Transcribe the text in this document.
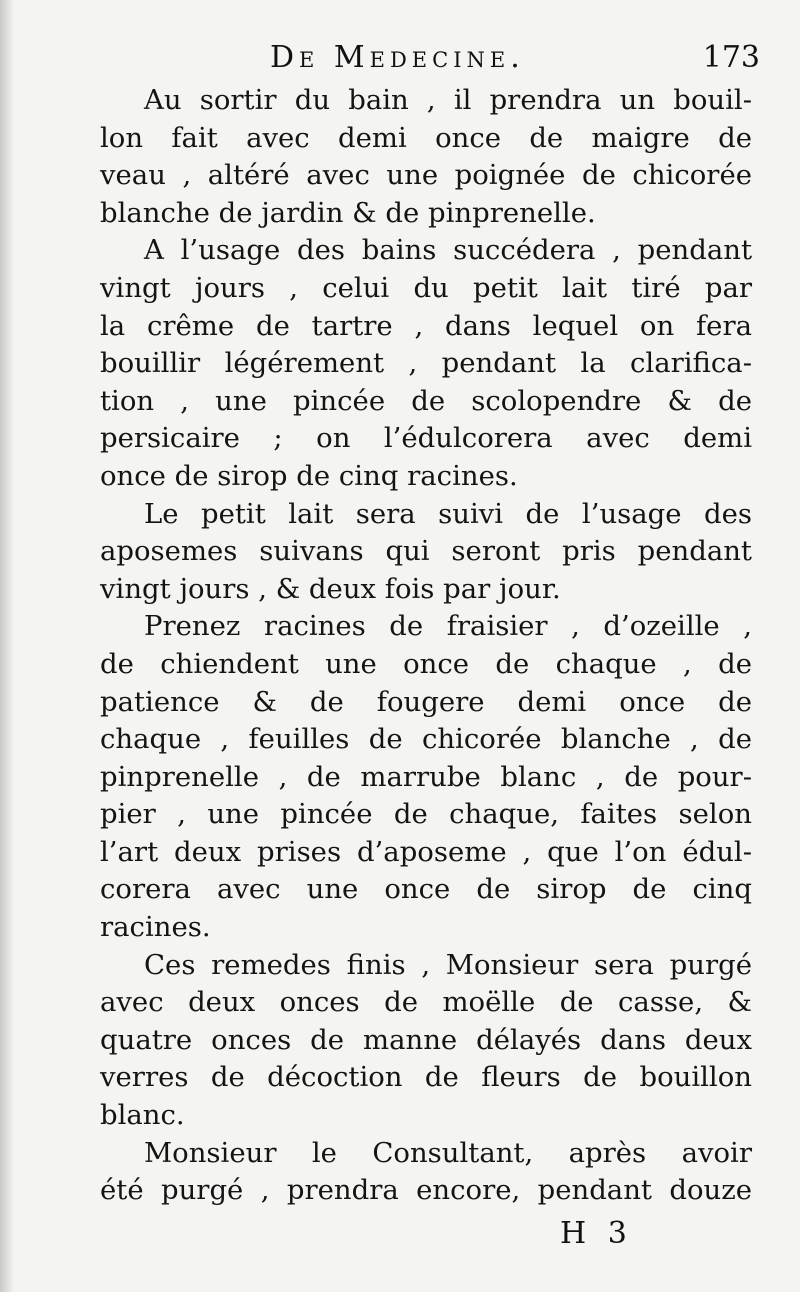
De Medecine.	173
Au sortir du bain , il prendra un bouil-
lon fait avec demi once de maigre de
veau , altéré avec une poignée de chicorée
blanche de jardin & de pinprenelle.
A l’usage des bains succédera , pendant
vingt jours , celui du petit lait tiré par
la crême de tartre , dans lequel on fera
bouillir légérement , pendant la clarifica-
tion , une pincée de scolopendre & de
persicaire ; on l’édulcorera avec demi
once de sirop de cinq racines.
Le petit lait sera suivi de l’usage des
aposemes suivans qui seront pris pendant
vingt jours , & deux fois par jour.
Prenez racines de fraisier , d’ozeille ,
de chiendent une once de chaque , de
patience & de fougere demi once de
chaque , feuilles de chicorée blanche , de
pinprenelle , de marrube blanc , de pour-
pier , une pincée de chaque, faites selon
l’art deux prises d’aposeme , que l’on édul-
corera avec une once de sirop de cinq
racines.
Ces remedes finis , Monsieur sera purgé
avec deux onces de moëlle de casse, &
quatre onces de manne délayés dans deux
verres de décoction de fleurs de bouillon
blanc.
Monsieur le Consultant, après avoir
été purgé , prendra encore, pendant douze
H 3
